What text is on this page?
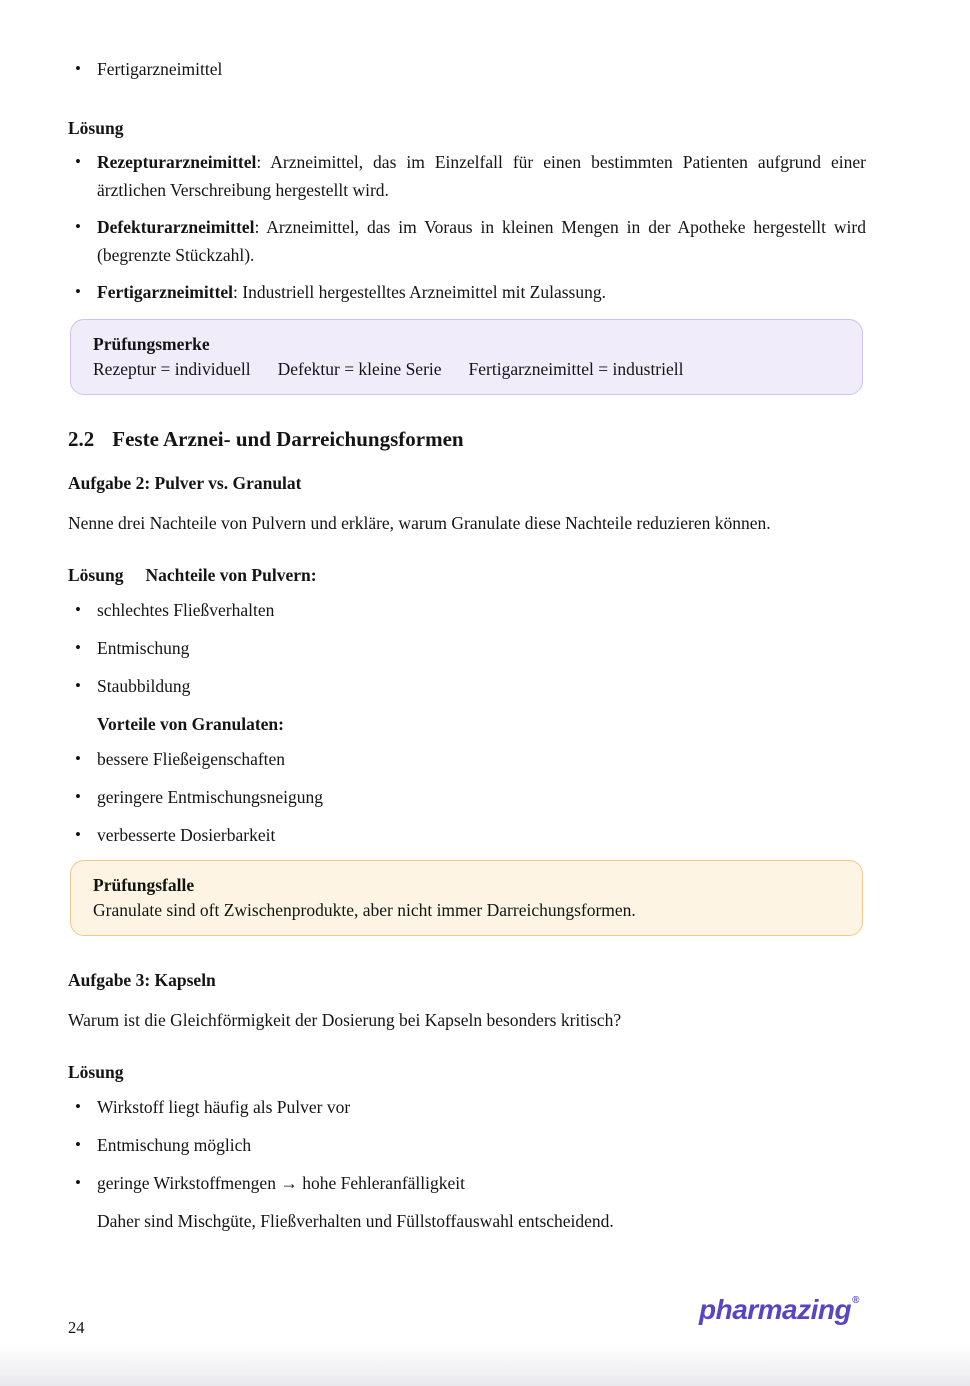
• Fertigarzneimittel
Lösung
• Rezepturarzneimittel: Arzneimittel, das im Einzelfall für einen bestimmten Patienten aufgrund einer ärztlichen Verschreibung hergestellt wird.
• Defekturarzneimittel: Arzneimittel, das im Voraus in kleinen Mengen in der Apotheke hergestellt wird (begrenzte Stückzahl).
• Fertigarzneimittel: Industriell hergestelltes Arzneimittel mit Zulassung.
Prüfungsmerke
Rezeptur = individuell Defektur = kleine Serie Fertigarzneimittel = industriell
2.2 Feste Arznei- und Darreichungsformen
Aufgabe 2: Pulver vs. Granulat

Nenne drei Nachteile von Pulvern und erkläre, warum Granulate diese Nachteile reduzieren können.

Lösung Nachteile von Pulvern:
• schlechtes Fließverhalten
• Entmischung
• Staubbildung

Vorteile von Granulaten:

• bessere Fließeigenschaften
• geringere Entmischungsneigung
• verbesserte Dosierbarkeit
Prüfungsfalle
Granulate sind oft Zwischenprodukte, aber nicht immer Darreichungsformen.
Aufgabe 3: Kapseln

Warum ist die Gleichförmigkeit der Dosierung bei Kapseln besonders kritisch?

Lösung
• Wirkstoff liegt häufig als Pulver vor
• Entmischung möglich
• geringe Wirkstoffmengen → hohe Fehleranfälligkeit

Daher sind Mischgüte, Fließverhalten und Füllstoffauswahl entscheidend.

24
pharmazing®
